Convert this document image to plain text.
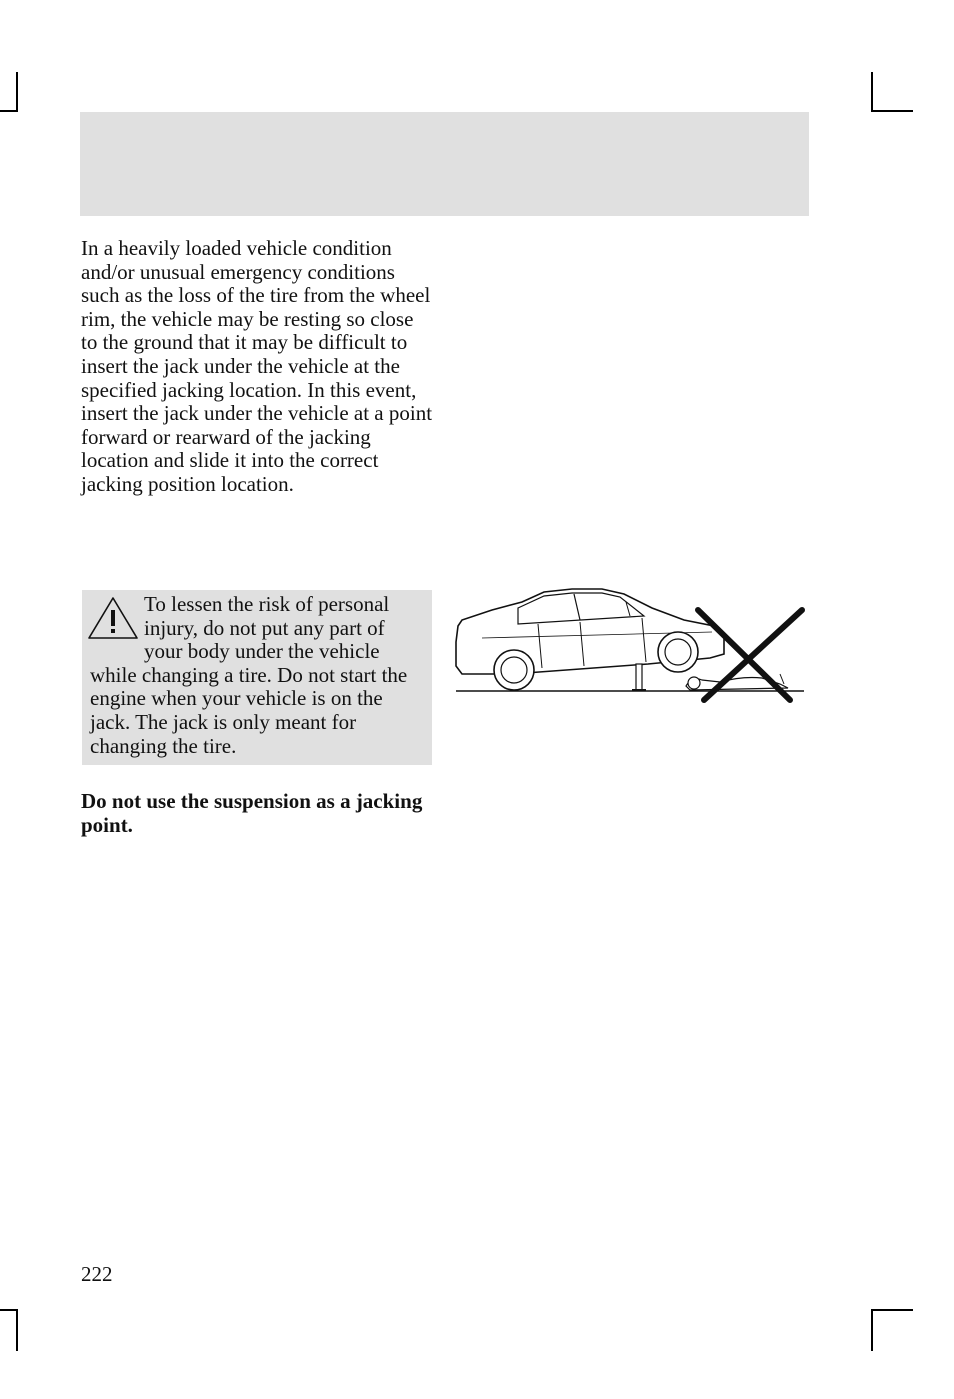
In a heavily loaded vehicle condition and/or unusual emergency conditions such as the loss of the tire from the wheel rim, the vehicle may be resting so close to the ground that it may be difficult to insert the jack under the vehicle at the specified jacking location. In this event, insert the jack under the vehicle at a point forward or rearward of the jacking location and slide it into the correct jacking position location.

To lessen the risk of personal injury, do not put any part of your body under the vehicle while changing a tire. Do not start the engine when your vehicle is on the jack. The jack is only meant for changing the tire.

Do not use the suspension as a jacking point.

222
